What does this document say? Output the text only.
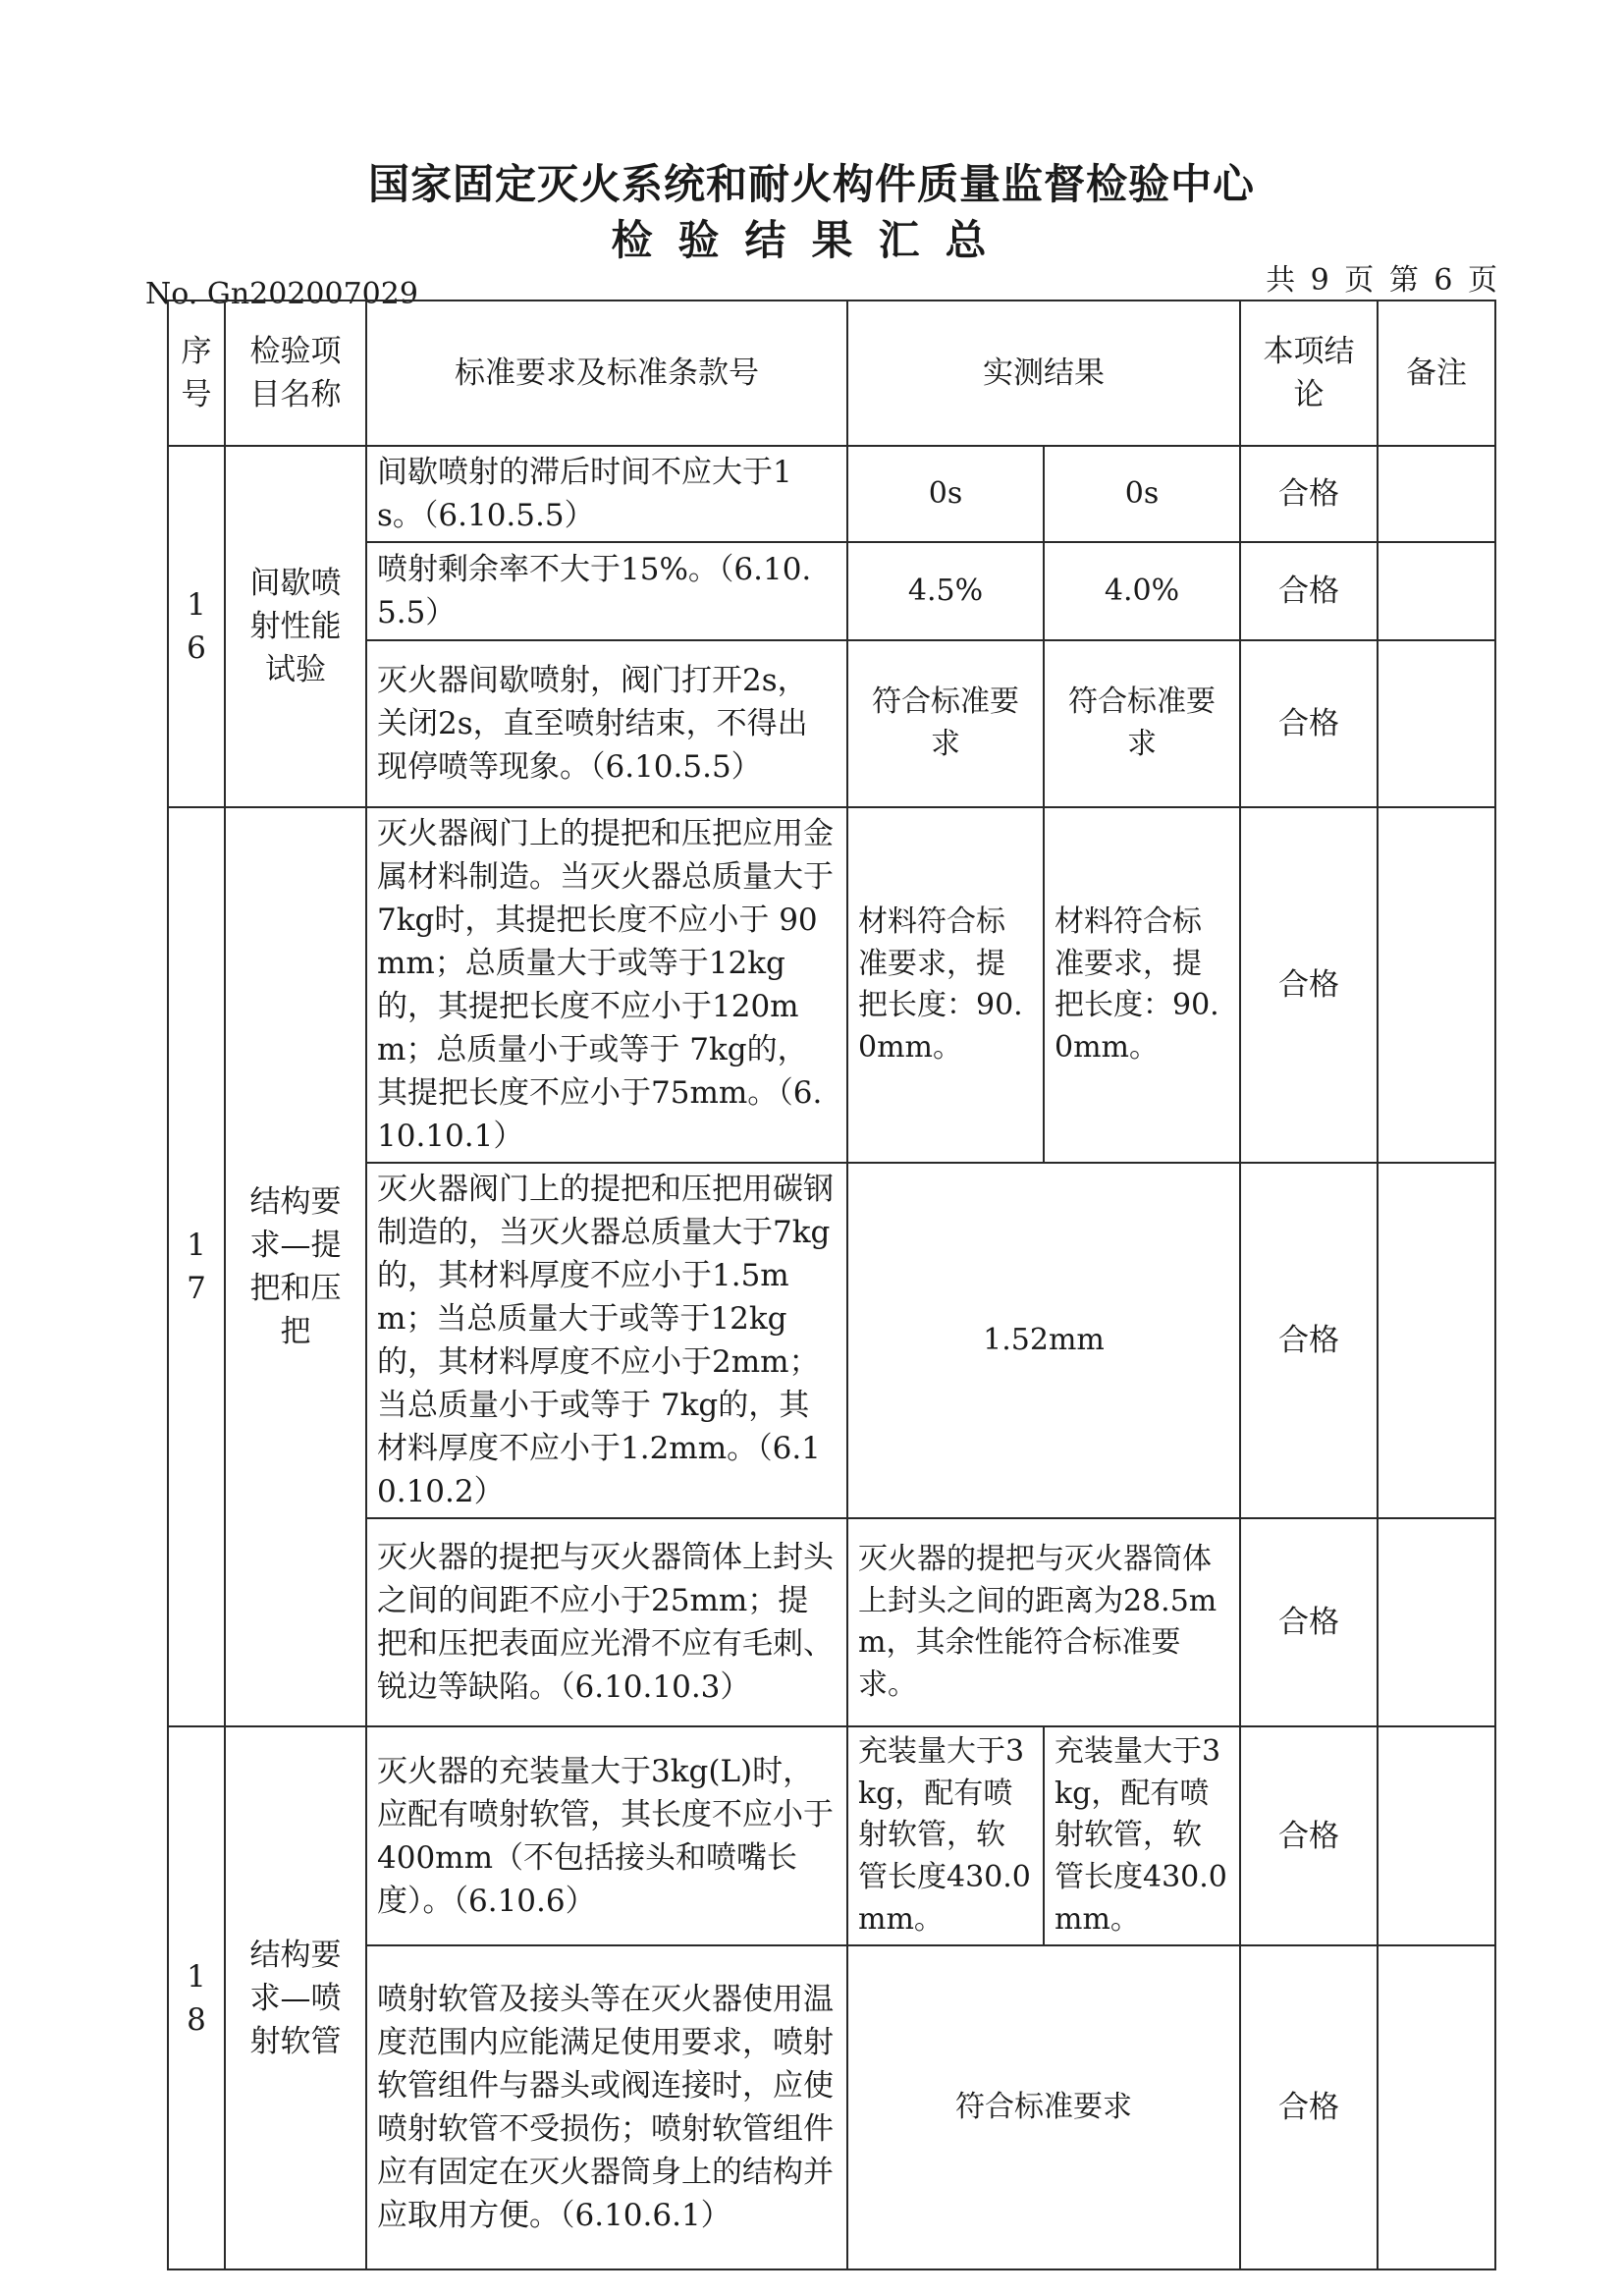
国家固定灭火系统和耐火构件质量监督检验中心
检验结果汇总
No. Gn202007029	共 9 页 第 6 页
序号	检验项目名称	标准要求及标准条款号	实测结果		本项结论	备注
16	间歇喷射性能试验	间歇喷射的滞后时间不应大于1s。（6.10.5.5）	0s	0s	合格	
		喷射剩余率不大于15%。（6.10.5.5）	4.5%	4.0%	合格	
		灭火器间歇喷射，阀门打开2s，关闭2s，直至喷射结束，不得出现停喷等现象。（6.10.5.5）	符合标准要求	符合标准要求	合格	
17	结构要求—提把和压把	灭火器阀门上的提把和压把应用金属材料制造。当灭火器总质量大于7kg时，其提把长度不应小于 90mm；总质量大于或等于12kg 的，其提把长度不应小于120mm；总质量小于或等于 7kg的，其提把长度不应小于75mm。（6.10.10.1）	材料符合标准要求，提把长度：90.0mm。	材料符合标准要求，提把长度：90.0mm。	合格	
		灭火器阀门上的提把和压把用碳钢制造的，当灭火器总质量大于7kg的，其材料厚度不应小于1.5mm；当总质量大于或等于12kg 的，其材料厚度不应小于2mm；当总质量小于或等于 7kg的，其材料厚度不应小于1.2mm。（6.10.10.2）	1.52mm		合格	
		灭火器的提把与灭火器筒体上封头之间的间距不应小于25mm；提把和压把表面应光滑不应有毛刺、锐边等缺陷。（6.10.10.3）	灭火器的提把与灭火器筒体上封头之间的距离为28.5mm，其余性能符合标准要求。		合格	
18	结构要求—喷射软管	灭火器的充装量大于3kg(L)时，应配有喷射软管，其长度不应小于400mm（不包括接头和喷嘴长度）。（6.10.6）	充装量大于3kg，配有喷射软管，软管长度430.0mm。	充装量大于3kg，配有喷射软管，软管长度430.0mm。	合格	
		喷射软管及接头等在灭火器使用温度范围内应能满足使用要求，喷射软管组件与器头或阀连接时，应使喷射软管不受损伤；喷射软管组件应有固定在灭火器筒身上的结构并应取用方便。（6.10.6.1）	符合标准要求		合格	
